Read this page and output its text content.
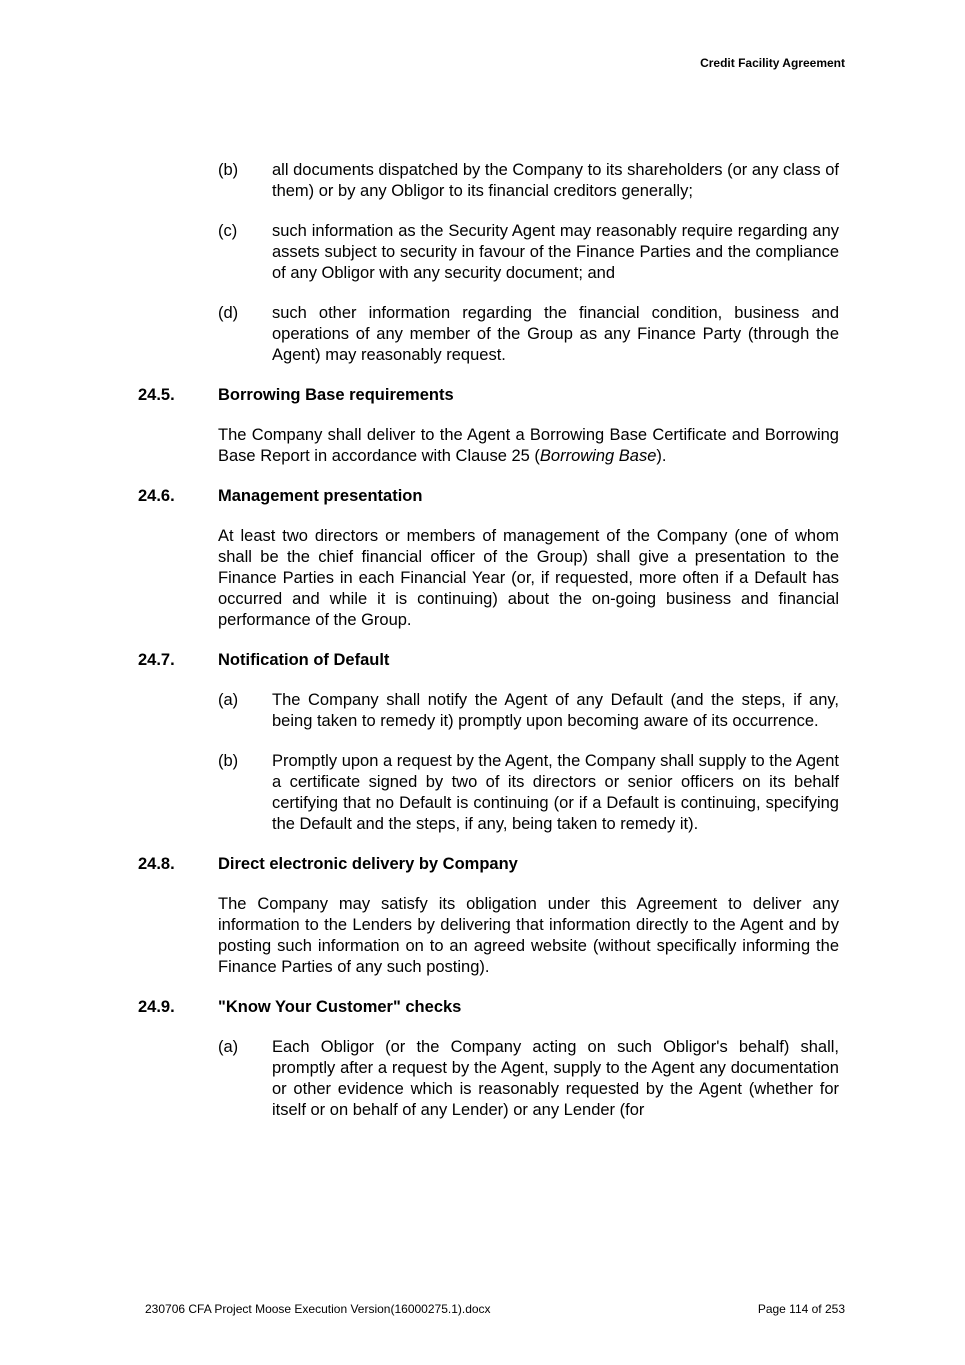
Credit Facility Agreement
(b)	all documents dispatched by the Company to its shareholders (or any class of them) or by any Obligor to its financial creditors generally;
(c)	such information as the Security Agent may reasonably require regarding any assets subject to security in favour of the Finance Parties and the compliance of any Obligor with any security document; and
(d)	such other information regarding the financial condition, business and operations of any member of the Group as any Finance Party (through the Agent) may reasonably request.
24.5.	Borrowing Base requirements
The Company shall deliver to the Agent a Borrowing Base Certificate and Borrowing Base Report in accordance with Clause 25 (Borrowing Base).
24.6.	Management presentation
At least two directors or members of management of the Company (one of whom shall be the chief financial officer of the Group) shall give a presentation to the Finance Parties in each Financial Year (or, if requested, more often if a Default has occurred and while it is continuing) about the on-going business and financial performance of the Group.
24.7.	Notification of Default
(a)	The Company shall notify the Agent of any Default (and the steps, if any, being taken to remedy it) promptly upon becoming aware of its occurrence.
(b)	Promptly upon a request by the Agent, the Company shall supply to the Agent a certificate signed by two of its directors or senior officers on its behalf certifying that no Default is continuing (or if a Default is continuing, specifying the Default and the steps, if any, being taken to remedy it).
24.8.	Direct electronic delivery by Company
The Company may satisfy its obligation under this Agreement to deliver any information to the Lenders by delivering that information directly to the Agent and by posting such information on to an agreed website (without specifically informing the Finance Parties of any such posting).
24.9.	"Know Your Customer" checks
(a)	Each Obligor (or the Company acting on such Obligor's behalf) shall, promptly after a request by the Agent, supply to the Agent any documentation or other evidence which is reasonably requested by the Agent (whether for itself or on behalf of any Lender) or any Lender (for
230706 CFA Project Moose Execution Version(16000275.1).docx	Page 114 of 253
